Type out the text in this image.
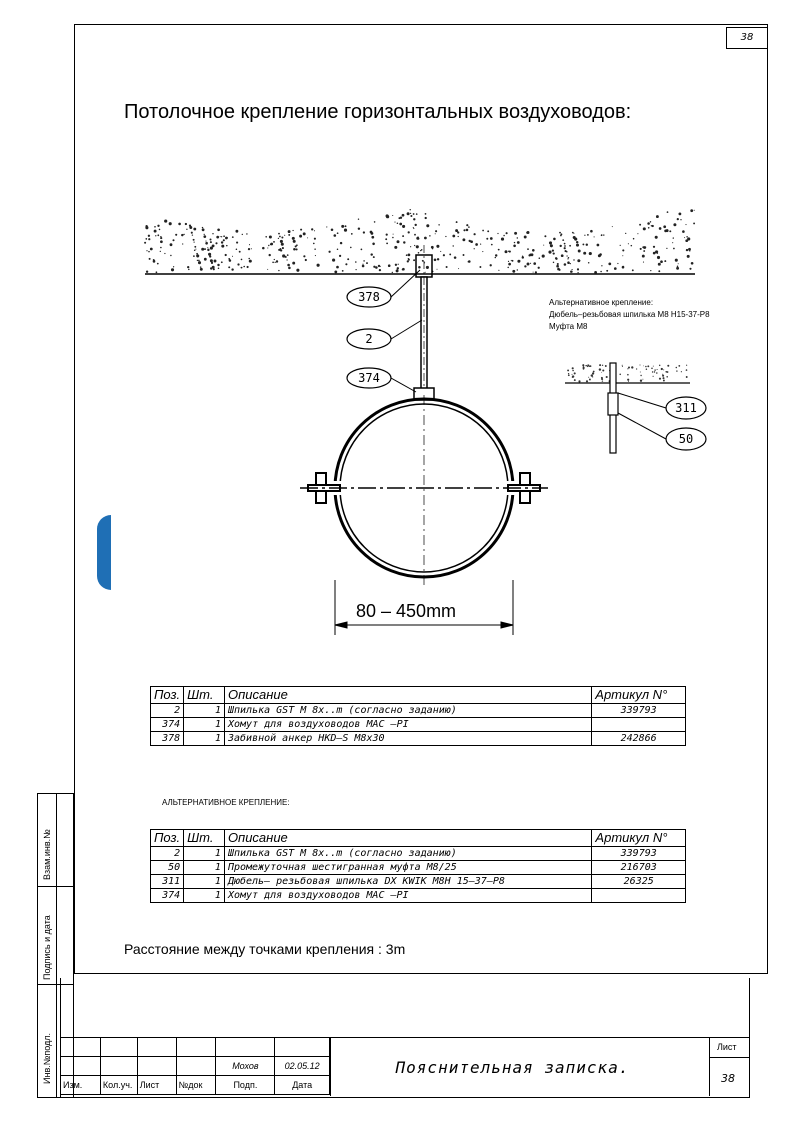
38
Потолочное крепление горизонтальных воздуховодов:
80 – 450mm
378
2
374
Альтернативное крепление:
Дюбель–резьбовая шпилька M8 H15-37-P8
Муфта M8
311
50
Поз.	Шт.	Описание	Артикул N°
2	1	Шпилька GST M 8x..m (согласно заданию)	339793
374	1	Хомут для воздуховодов MAC –PI	
378	1	Забивной анкер HKD–S M8x30	242866
АЛЬТЕРНАТИВНОЕ КРЕПЛЕНИЕ:
Поз.	Шт.	Описание	Артикул N°
2	1	Шпилька GST M 8x..m (согласно заданию)	339793
50	1	Промежуточная шестигранная муфта M8/25	216703
311	1	Дюбель– резьбовая шпилька DX KWIK M8H 15–37–P8	26325
374	1	Хомут для воздуховодов MAC –PI	
Расстояние между точками крепления : 3m
Взам.инв.№
Подпись и дата
Инв.№подл.

					Мохов	02.05.12
Изм.	Кол.уч.	Лист	№док	Подп.	Дата
Лист
38
Пояснительная записка.
